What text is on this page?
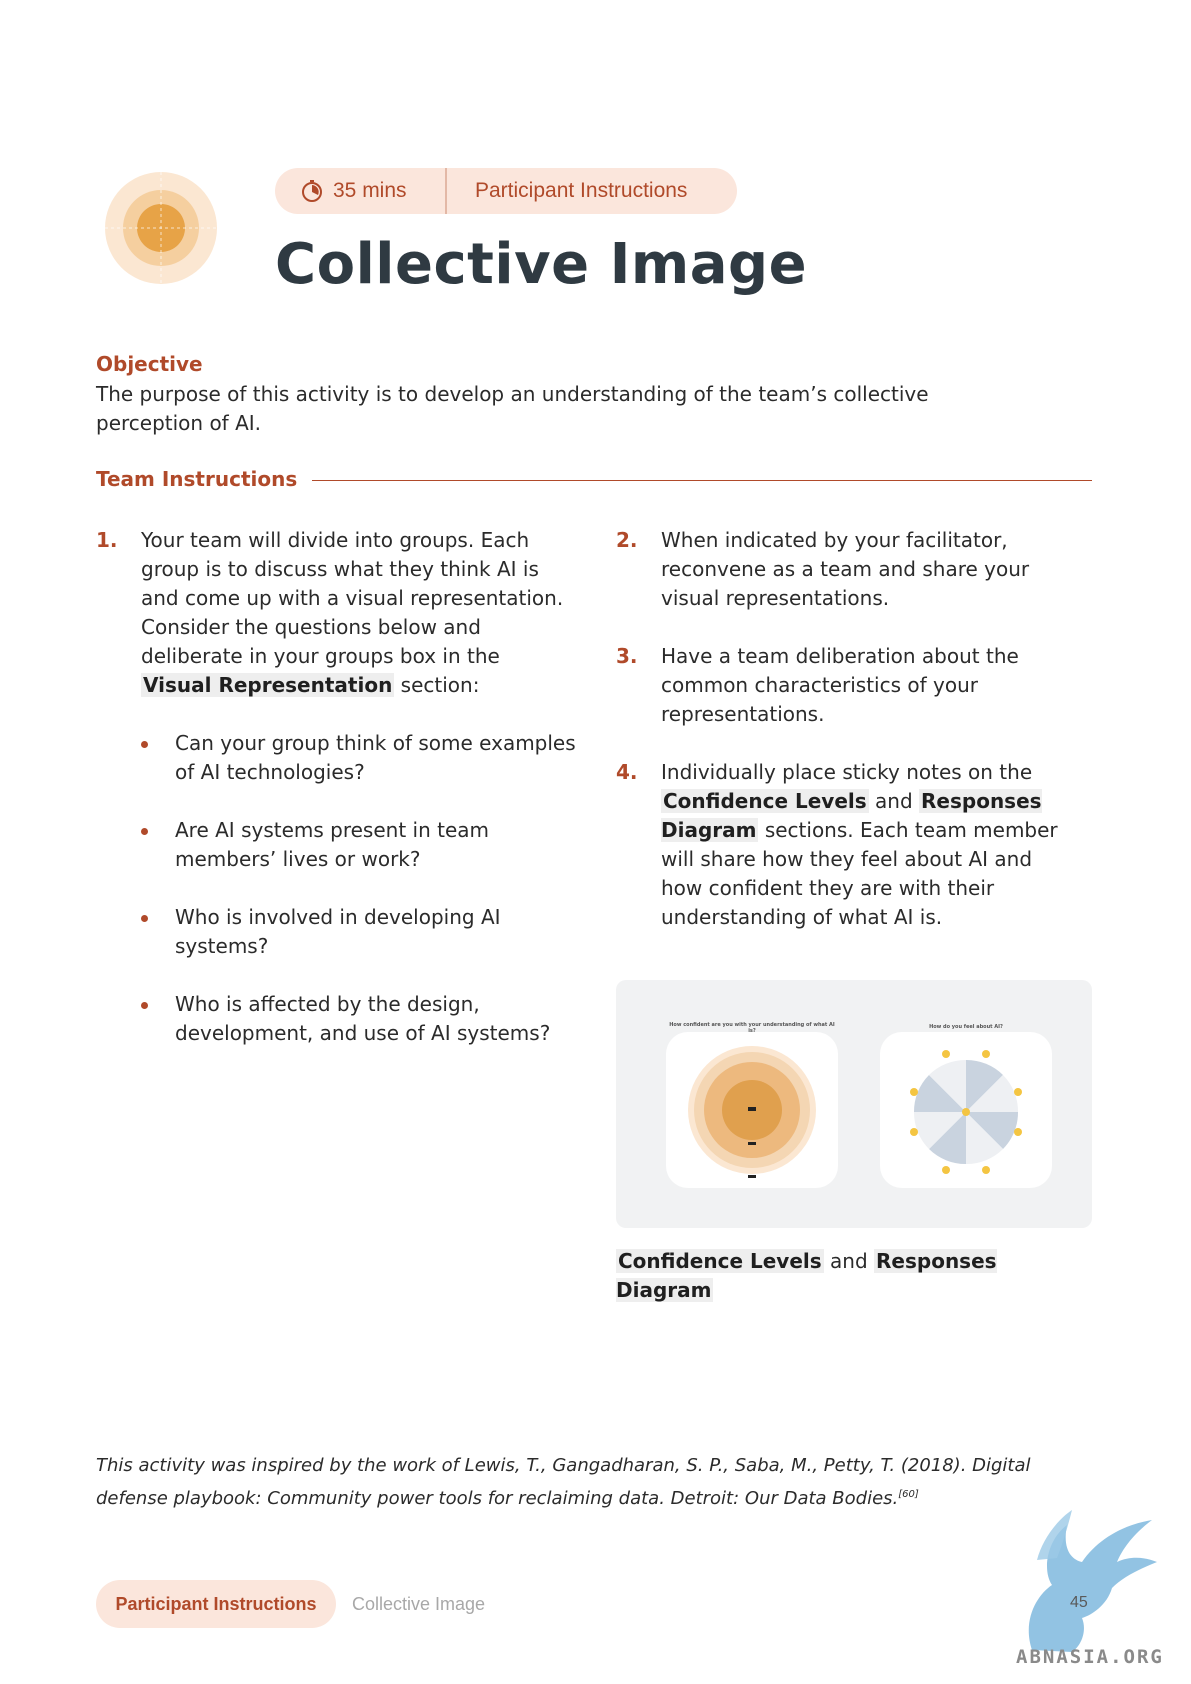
35 mins	Participant Instructions
Collective Image
Objective
The purpose of this activity is to develop an understanding of the team’s collective perception of AI.
Team Instructions
1.	Your team will divide into groups. Each group is to discuss what they think AI is and come up with a visual representation. Consider the questions below and deliberate in your groups box in the Visual Representation section:
Can your group think of some examples of AI technologies?
Are AI systems present in team members’ lives or work?
Who is involved in developing AI systems?
Who is affected by the design, development, and use of AI systems?
2.	When indicated by your facilitator, reconvene as a team and share your visual representations.
3.	Have a team deliberation about the common characteristics of your representations.
4.	Individually place sticky notes on the Confidence Levels and Responses Diagram sections. Each team member will share how they feel about AI and how confident they are with their understanding of what AI is.
How confident are you with your understanding of what AI is?
How do you feel about AI?
Confidence Levels and Responses Diagram
This activity was inspired by the work of Lewis, T., Gangadharan, S. P., Saba, M., Petty, T. (2018). Digital defense playbook: Community power tools for reclaiming data. Detroit: Our Data Bodies.[60]
Participant Instructions	Collective Image	45
ABNASIA.ORG
